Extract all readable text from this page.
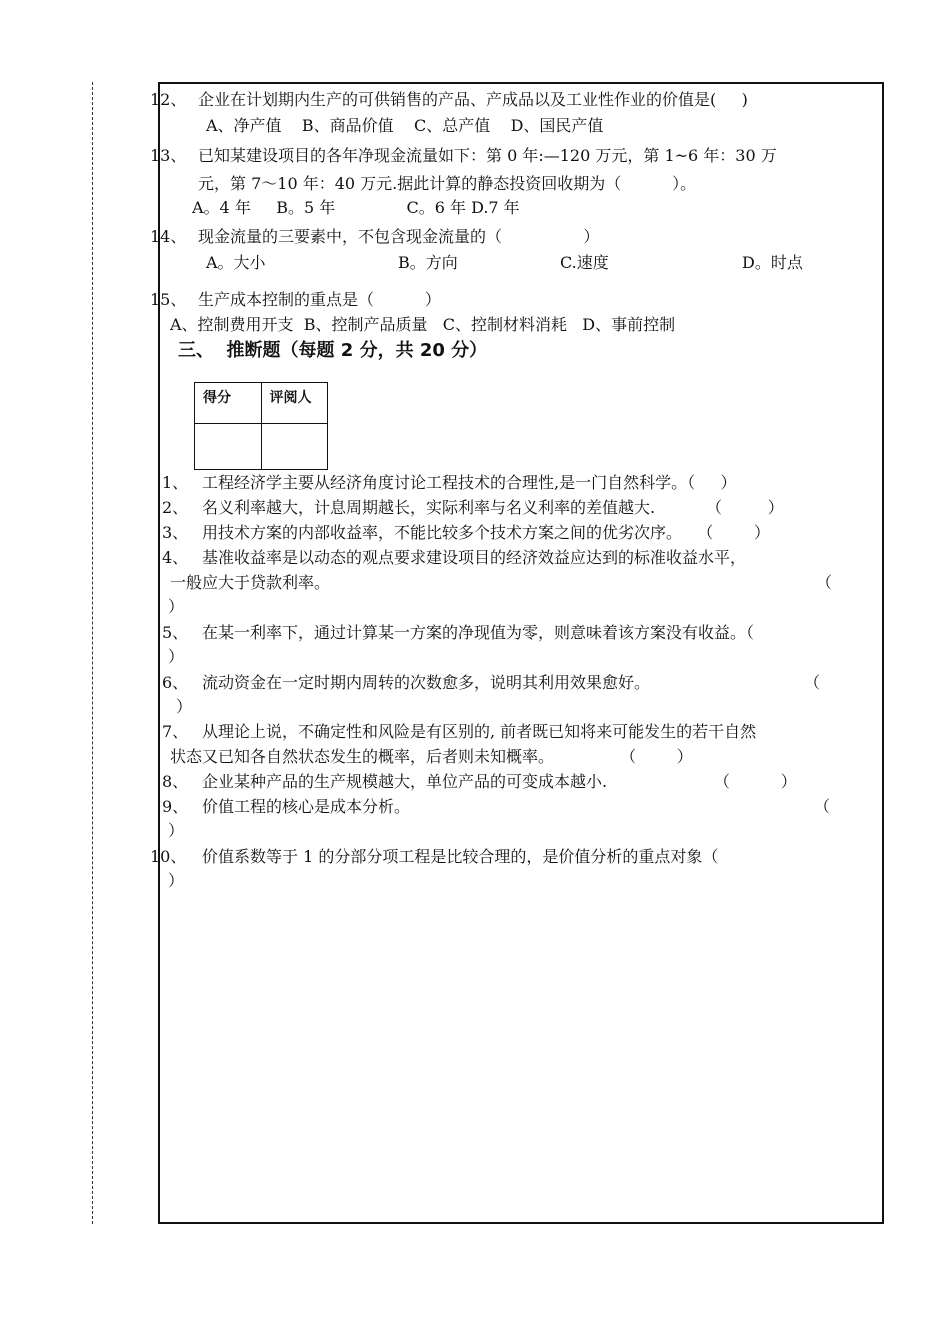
12、 企业在计划期内生产的可供销售的产品、产成品以及工业性作业的价值是(     )
A、净产值    B、商品价值    C、总产值    D、国民产值
13、 已知某建设项目的各年净现金流量如下：第 0 年:—120 万元，第 1~6 年：30 万
元，第 7～10 年：40 万元.据此计算的静态投资回收期为（          ）。
A。4 年     B。5 年              C。6 年 D.7 年
14、 现金流量的三要素中，不包含现金流量的（                ）
A。大小	B。方向	C.速度	D。时点
15、 生产成本控制的重点是（          ）
A、控制费用开支  B、控制产品质量   C、控制材料消耗   D、事前控制
三、  推断题（每题 2 分，共 20 分）
得分	评阅人

1、 工程经济学主要从经济角度讨论工程技术的合理性,是一门自然科学。（     ）
2、 名义利率越大，计息周期越长，实际利率与名义利率的差值越大.          （         ）
3、 用技术方案的内部收益率，不能比较多个技术方案之间的优劣次序。   （        ）
4、 基准收益率是以动态的观点要求建设项目的经济效益应达到的标准收益水平，
一般应大于贷款利率。	（
）
5、 在某一利率下，通过计算某一方案的净现值为零，则意味着该方案没有收益。（
）
6、 流动资金在一定时期内周转的次数愈多，说明其利用效果愈好。	（
）
7、 从理论上说，不确定性和风险是有区别的, 前者既已知将来可能发生的若干自然
状态又已知各自然状态发生的概率，后者则未知概率。             （        ）
8、 企业某种产品的生产规模越大，单位产品的可变成本越小.                     （          ）
9、 价值工程的核心是成本分析。	（
）
10、 价值系数等于 1 的分部分项工程是比较合理的，是价值分析的重点对象（
）
